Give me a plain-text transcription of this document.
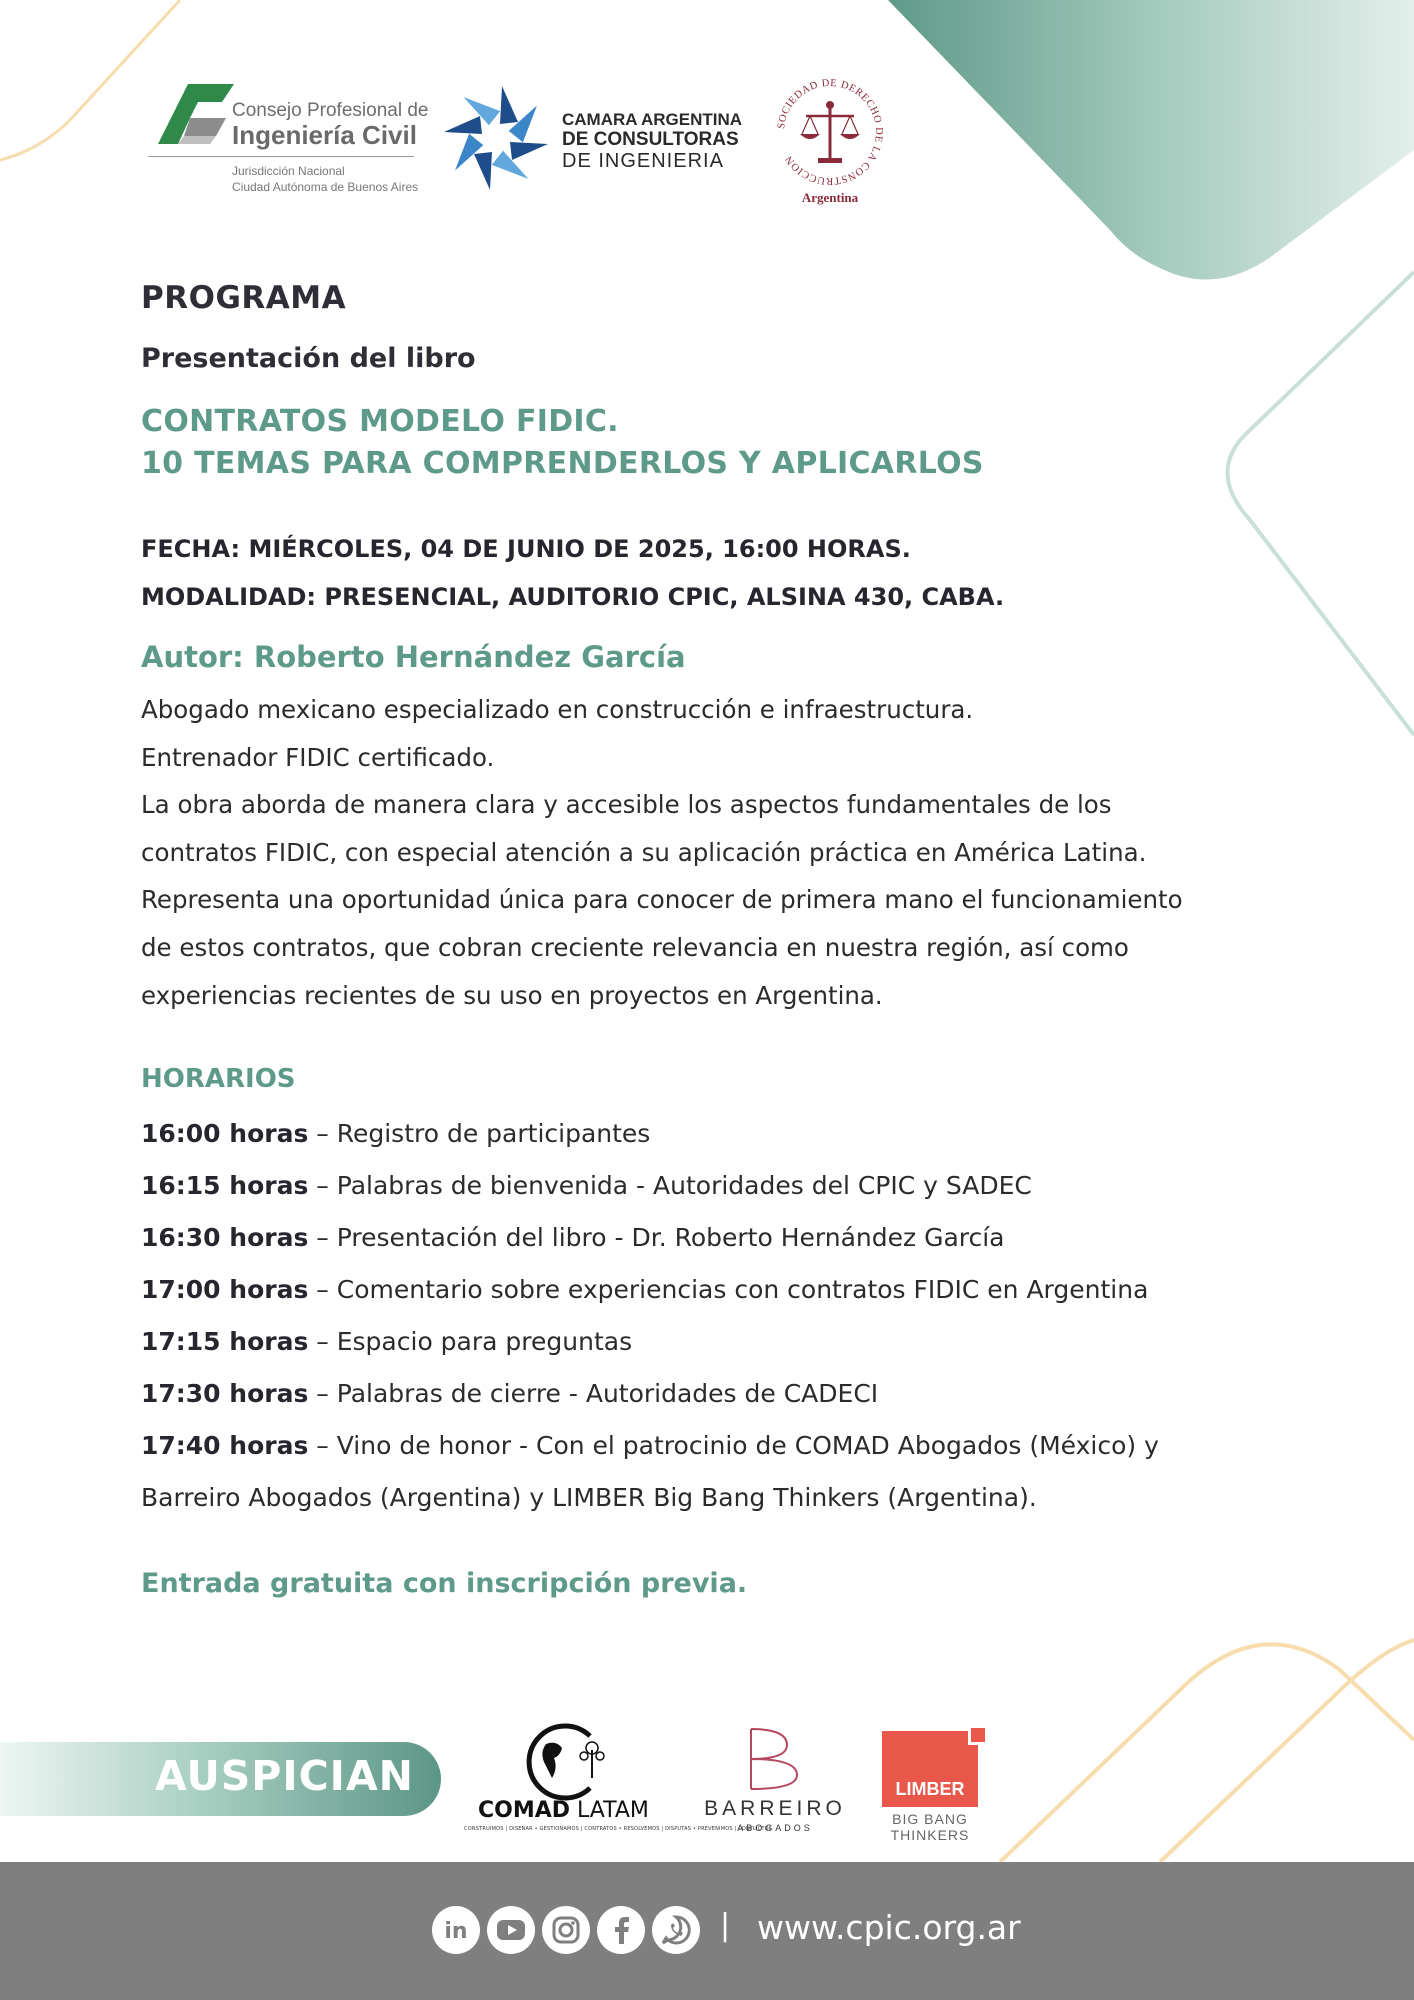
Consejo Profesional de
Ingeniería Civil
Jurisdicción Nacional
Ciudad Autónoma de Buenos Aires
CAMARA ARGENTINA
DE CONSULTORAS
DE INGENIERIA
SOCIEDAD DE DERECHO DE LA CONSTRUCCION
Argentina
PROGRAMA
Presentación del libro
CONTRATOS MODELO FIDIC.
10 TEMAS PARA COMPRENDERLOS Y APLICARLOS
FECHA: MIÉRCOLES, 04 DE JUNIO DE 2025, 16:00 HORAS.
MODALIDAD: PRESENCIAL, AUDITORIO CPIC, ALSINA 430, CABA.
Autor: Roberto Hernández García
Abogado mexicano especializado en construcción e infraestructura.
Entrenador FIDIC certificado.
La obra aborda de manera clara y accesible los aspectos fundamentales de los
contratos FIDIC, con especial atención a su aplicación práctica en América Latina.
Representa una oportunidad única para conocer de primera mano el funcionamiento
de estos contratos, que cobran creciente relevancia en nuestra región, así como
experiencias recientes de su uso en proyectos en Argentina.
HORARIOS
16:00 horas – Registro de participantes
16:15 horas – Palabras de bienvenida - Autoridades del CPIC y SADEC
16:30 horas – Presentación del libro - Dr. Roberto Hernández García
17:00 horas – Comentario sobre experiencias con contratos FIDIC en Argentina
17:15 horas – Espacio para preguntas
17:30 horas – Palabras de cierre - Autoridades de CADECI
17:40 horas – Vino de honor - Con el patrocinio de COMAD Abogados (México) y
Barreiro Abogados (Argentina) y LIMBER Big Bang Thinkers (Argentina).
Entrada gratuita con inscripción previa.
AUSPICIAN
COMAD LATAM
CONSTRUIMOS | DISEÑAR • GESTIONAMOS | CONTRATOS • RESOLVEMOS | DISPUTAS • PREVENIMOS | CONFLICTOS
B
BARREIRO
ABOGADOS
LIMBER
BIG BANG
THINKERS
in	| www.cpic.org.ar
